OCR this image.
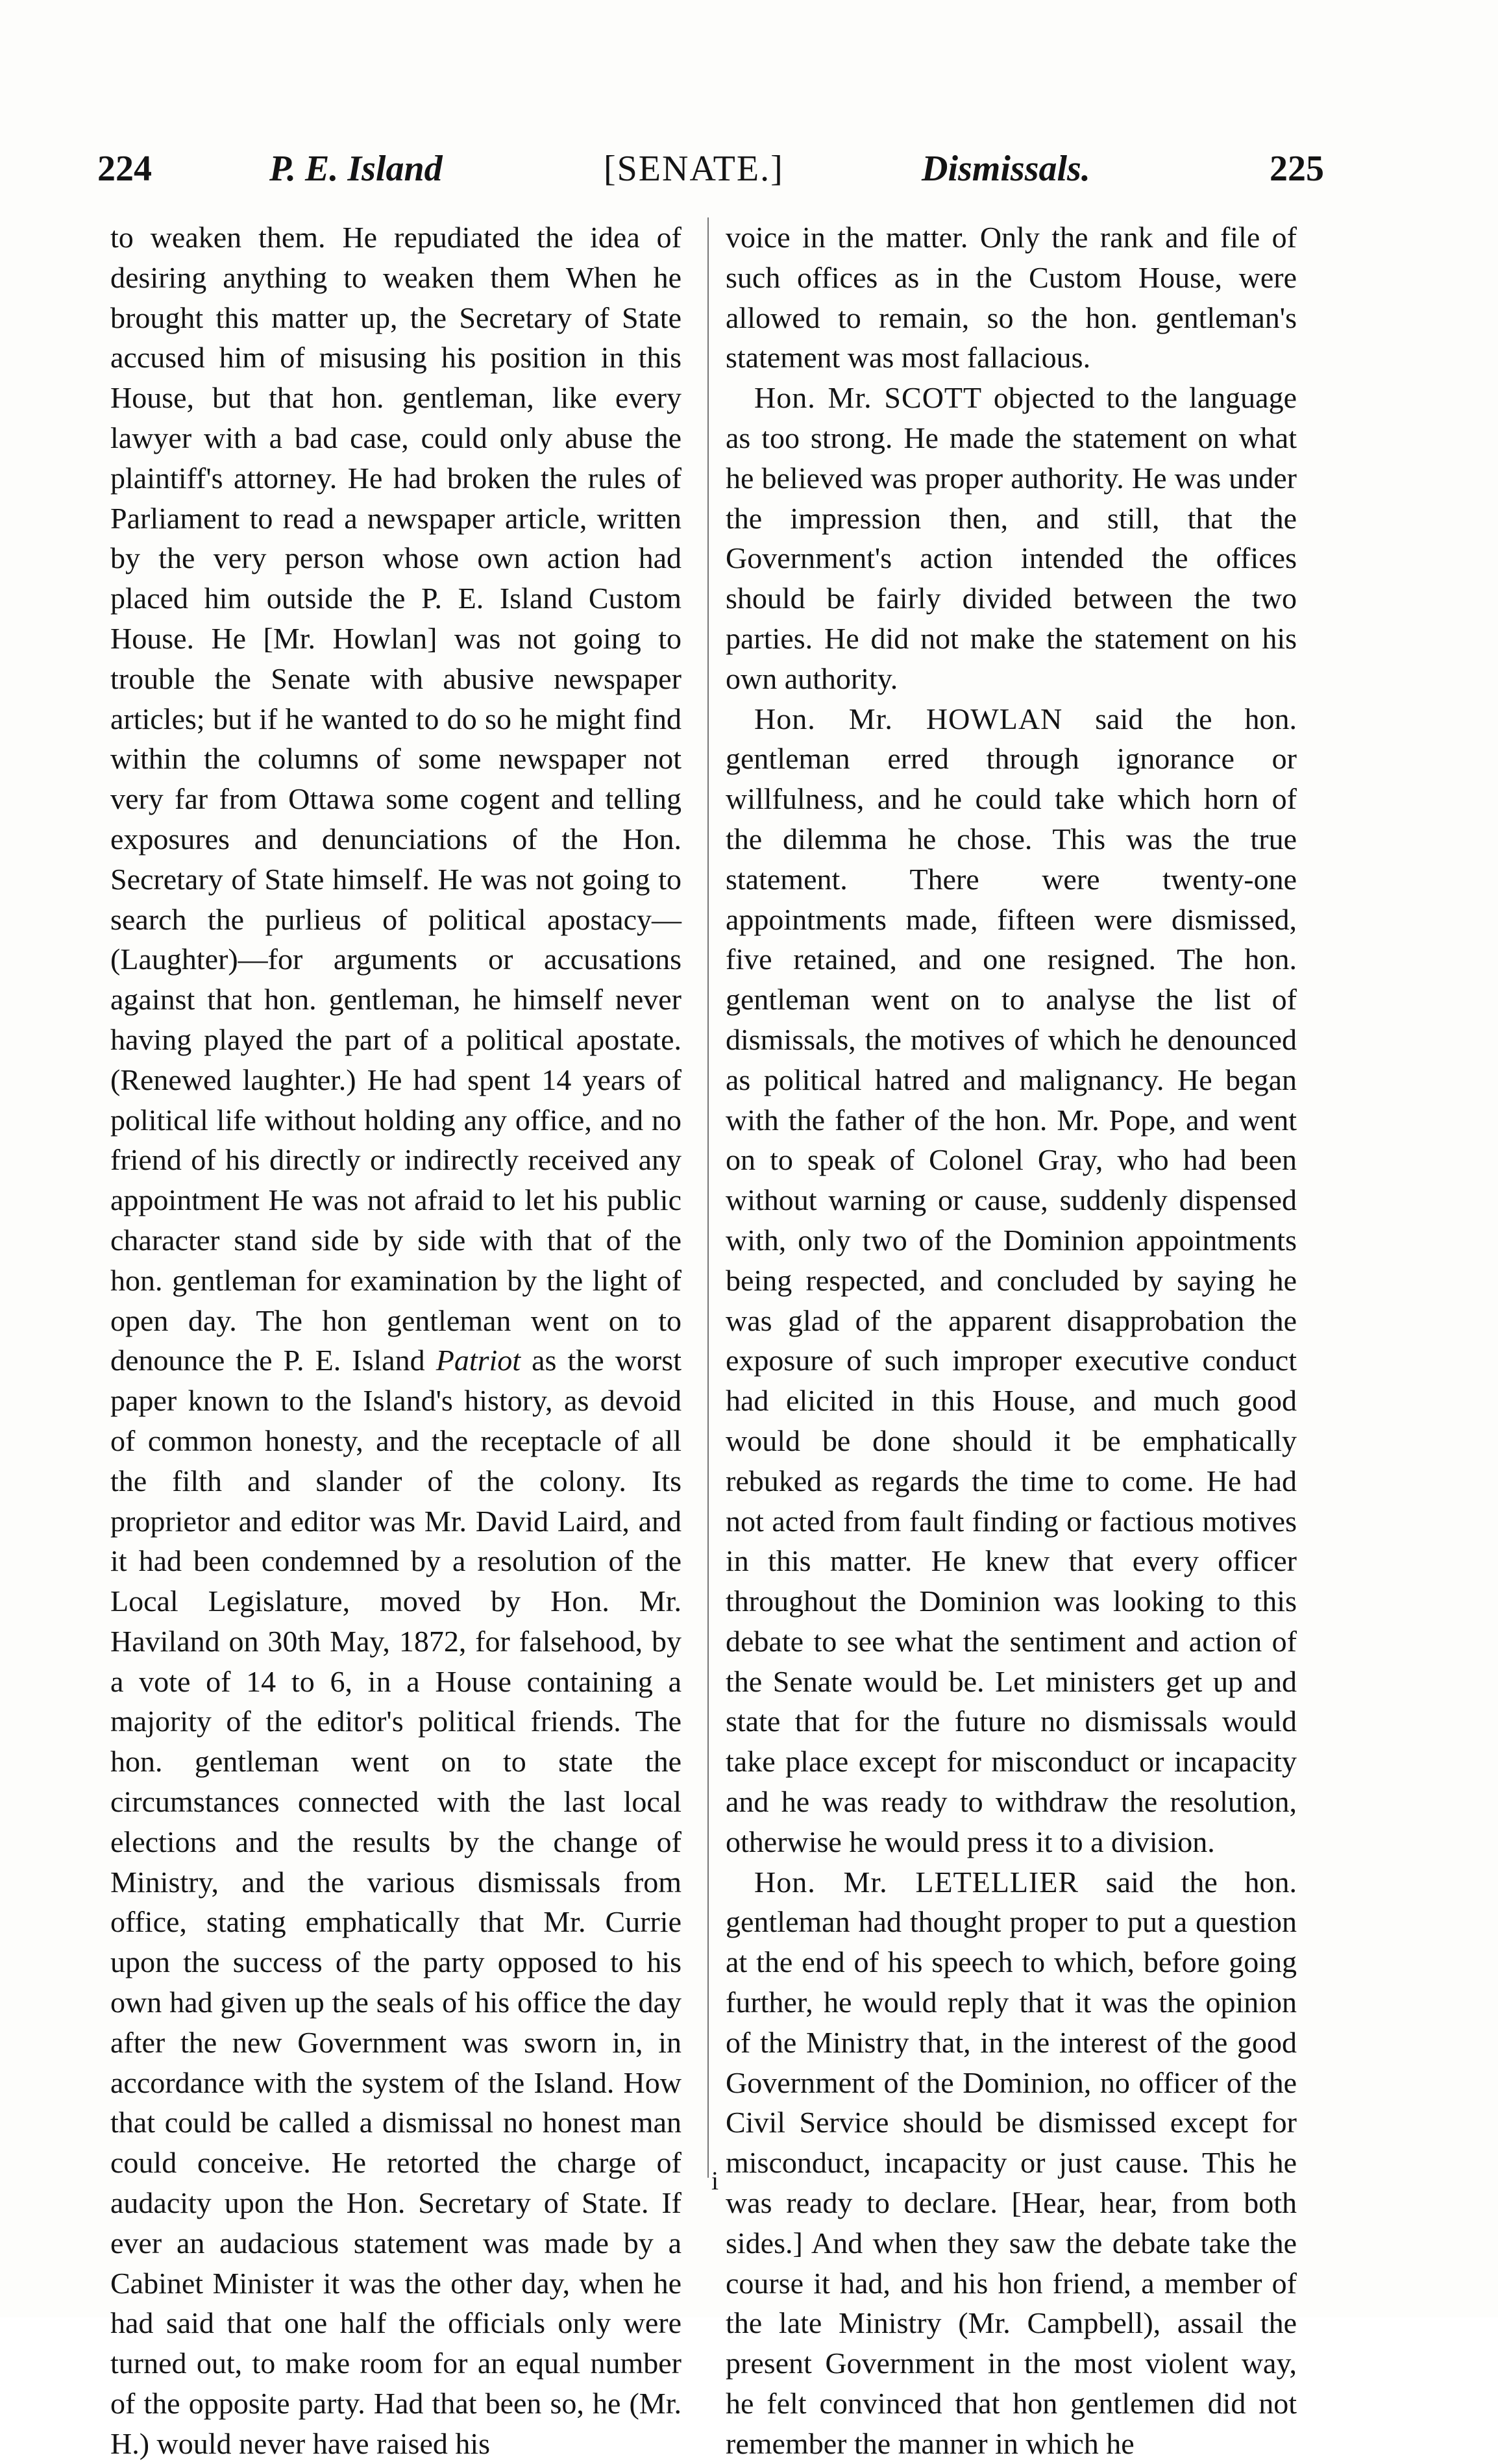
224	P. E. Island	[SENATE.]	Dismissals.	225

to weaken them. He repudiated the idea of desiring anything to weaken them When he brought this matter up, the Secretary of State accused him of misusing his position in this House, but that hon. gentleman, like every lawyer with a bad case, could only abuse the plaintiff's attorney. He had broken the rules of Parliament to read a newspaper article, written by the very person whose own action had placed him outside the P. E. Island Custom House. He [Mr. Howlan] was not going to trouble the Senate with abusive newspaper articles; but if he wanted to do so he might find within the columns of some newspaper not very far from Ottawa some cogent and telling exposures and denunciations of the Hon. Secretary of State himself. He was not going to search the purlieus of political apostacy—(Laughter)—for arguments or accusations against that hon. gentleman, he himself never having played the part of a political apostate. (Renewed laughter.) He had spent 14 years of political life without holding any office, and no friend of his directly or indirectly received any appointment He was not afraid to let his public character stand side by side with that of the hon. gentleman for examination by the light of open day. The hon gentleman went on to denounce the P. E. Island Patriot as the worst paper known to the Island's history, as devoid of common honesty, and the receptacle of all the filth and slander of the colony. Its proprietor and editor was Mr. David Laird, and it had been condemned by a resolution of the Local Legislature, moved by Hon. Mr. Haviland on 30th May, 1872, for falsehood, by a vote of 14 to 6, in a House containing a majority of the editor's political friends. The hon. gentleman went on to state the circumstances connected with the last local elections and the results by the change of Ministry, and the various dismissals from office, stating emphatically that Mr. Currie upon the success of the party opposed to his own had given up the seals of his office the day after the new Government was sworn in, in accordance with the system of the Island. How that could be called a dismissal no honest man could conceive. He retorted the charge of audacity upon the Hon. Secretary of State. If ever an audacious statement was made by a Cabinet Minister it was the other day, when he had said that one half the officials only were turned out, to make room for an equal number of the opposite party. Had that been so, he (Mr. H.) would never have raised his

voice in the matter. Only the rank and file of such offices as in the Custom House, were allowed to remain, so the hon. gentleman's statement was most fallacious.

Hon. Mr. SCOTT objected to the language as too strong. He made the statement on what he believed was proper authority. He was under the impression then, and still, that the Government's action intended the offices should be fairly divided between the two parties. He did not make the statement on his own authority.

Hon. Mr. HOWLAN said the hon. gentleman erred through ignorance or willfulness, and he could take which horn of the dilemma he chose. This was the true statement. There were twenty-one appointments made, fifteen were dismissed, five retained, and one resigned. The hon. gentleman went on to analyse the list of dismissals, the motives of which he denounced as political hatred and malignancy. He began with the father of the hon. Mr. Pope, and went on to speak of Colonel Gray, who had been without warning or cause, suddenly dispensed with, only two of the Dominion appointments being respected, and concluded by saying he was glad of the apparent disapprobation the exposure of such improper executive conduct had elicited in this House, and much good would be done should it be emphatically rebuked as regards the time to come. He had not acted from fault finding or factious motives in this matter. He knew that every officer throughout the Dominion was looking to this debate to see what the sentiment and action of the Senate would be. Let ministers get up and state that for the future no dismissals would take place except for misconduct or incapacity and he was ready to withdraw the resolution, otherwise he would press it to a division.

Hon. Mr. LETELLIER said the hon. gentleman had thought proper to put a question at the end of his speech to which, before going further, he would reply that it was the opinion of the Ministry that, in the interest of the good Government of the Dominion, no officer of the Civil Service should be dismissed except for misconduct, incapacity or just cause. This he was ready to declare. [Hear, hear, from both sides.] And when they saw the debate take the course it had, and his hon friend, a member of the late Ministry (Mr. Campbell), assail the present Government in the most violent way, he felt convinced that hon gentlemen did not remember the manner in which he

i
